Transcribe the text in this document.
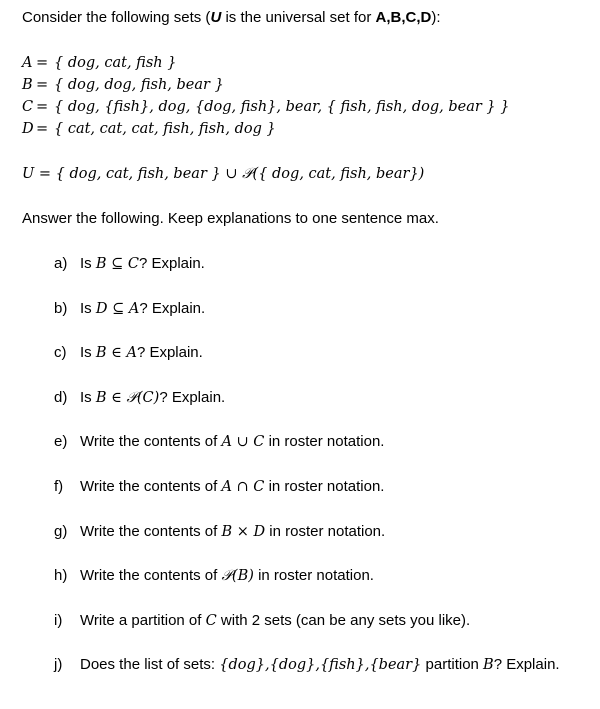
Consider the following sets (U is the universal set for A,B,C,D):
A = { dog, cat, fish }
B = { dog, dog, fish, bear }
C = { dog, {fish}, dog, {dog, fish}, bear, { fish, fish, dog, bear } }
D = { cat, cat, cat, fish, fish, dog }
U = { dog, cat, fish, bear } ∪ 𝒫({ dog, cat, fish, bear})
Answer the following. Keep explanations to one sentence max.
a) Is B ⊆ C? Explain.
b) Is D ⊆ A? Explain.
c) Is B ∈ A? Explain.
d) Is B ∈ 𝒫(C)? Explain.
e) Write the contents of A ∪ C in roster notation.
f) Write the contents of A ∩ C in roster notation.
g) Write the contents of B × D in roster notation.
h) Write the contents of 𝒫(B) in roster notation.
i) Write a partition of C with 2 sets (can be any sets you like).
j) Does the list of sets: {dog},{dog},{fish},{bear} partition B? Explain.
